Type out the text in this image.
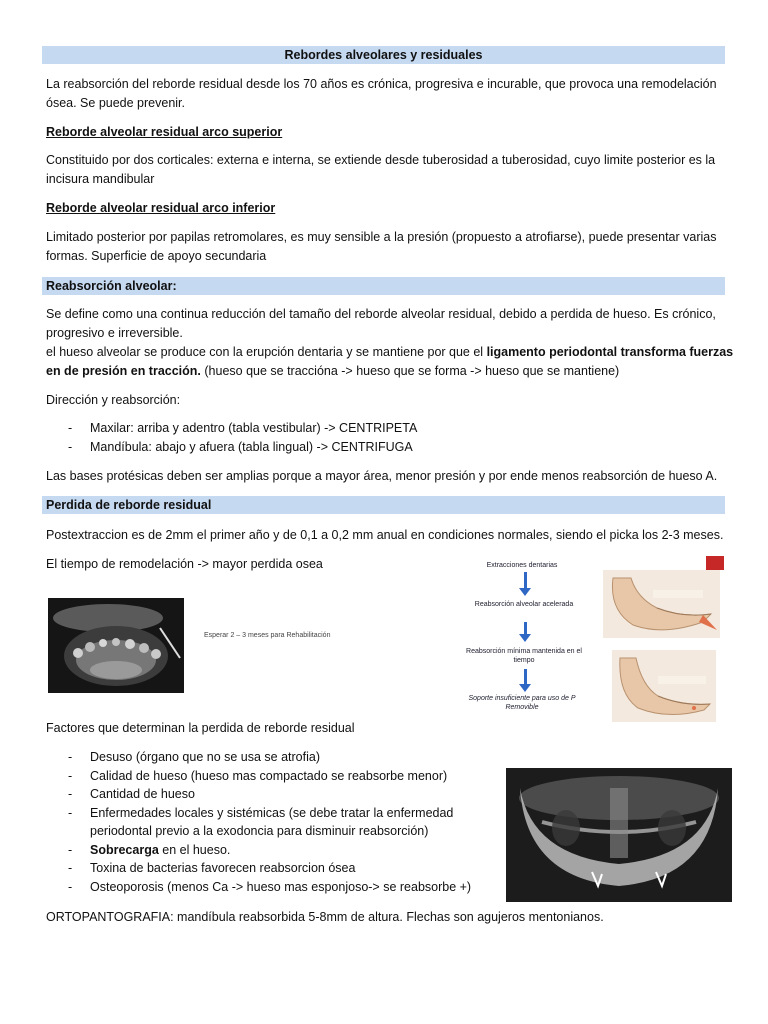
Rebordes alveolares y residuales

La reabsorción del reborde residual desde los 70 años es crónica, progresiva e incurable, que provoca una remodelación ósea. Se puede prevenir.

Reborde alveolar residual arco superior

Constituido por dos corticales: externa e interna, se extiende desde tuberosidad a tuberosidad, cuyo limite posterior es la incisura mandibular

Reborde alveolar residual arco inferior

Limitado posterior por papilas retromolares, es muy sensible a la presión (propuesto a atrofiarse), puede presentar varias formas. Superficie de apoyo secundaria

Reabsorción alveolar:

Se define como una continua reducción del tamaño del reborde alveolar residual, debido a perdida de hueso. Es crónico, progresivo e irreversible.

el hueso alveolar se produce con la erupción dentaria y se mantiene por que el ligamento periodontal transforma fuerzas en de presión en tracción. (hueso que se traccióna -> hueso que se forma -> hueso que se mantiene)

Dirección y reabsorción:

- Maxilar: arriba y adentro (tabla vestibular) -> CENTRIPETA
- Mandíbula: abajo y afuera (tabla lingual) -> CENTRIFUGA

Las bases protésicas deben ser amplias porque a mayor área, menor presión y por ende menos reabsorción de hueso A.

Perdida de reborde residual

Postextraccion es de 2mm el primer año y de 0,1 a 0,2 mm anual en condiciones normales, siendo el picka los 2-3 meses.

El tiempo de remodelación -> mayor perdida osea

Esperar 2 – 3 meses para Rehabilitación
Extracciones dentarias
Reabsorción alveolar acelerada
Reabsorción mínima mantenida en el tiempo
Soporte insuficiente para uso de P Removible

Factores que determinan la perdida de reborde residual

- Desuso (órgano que no se usa se atrofia)
- Calidad de hueso (hueso mas compactado se reabsorbe menor)
- Cantidad de hueso
- Enfermedades locales y sistémicas (se debe tratar la enfermedad periodontal previo a la exodoncia para disminuir reabsorción)
- Sobrecarga en el hueso.
- Toxina de bacterias favorecen reabsorcion ósea
- Osteoporosis (menos Ca -> hueso mas esponjoso-> se reabsorbe +)

ORTOPANTOGRAFIA: mandíbula reabsorbida 5-8mm de altura. Flechas son agujeros mentonianos.
